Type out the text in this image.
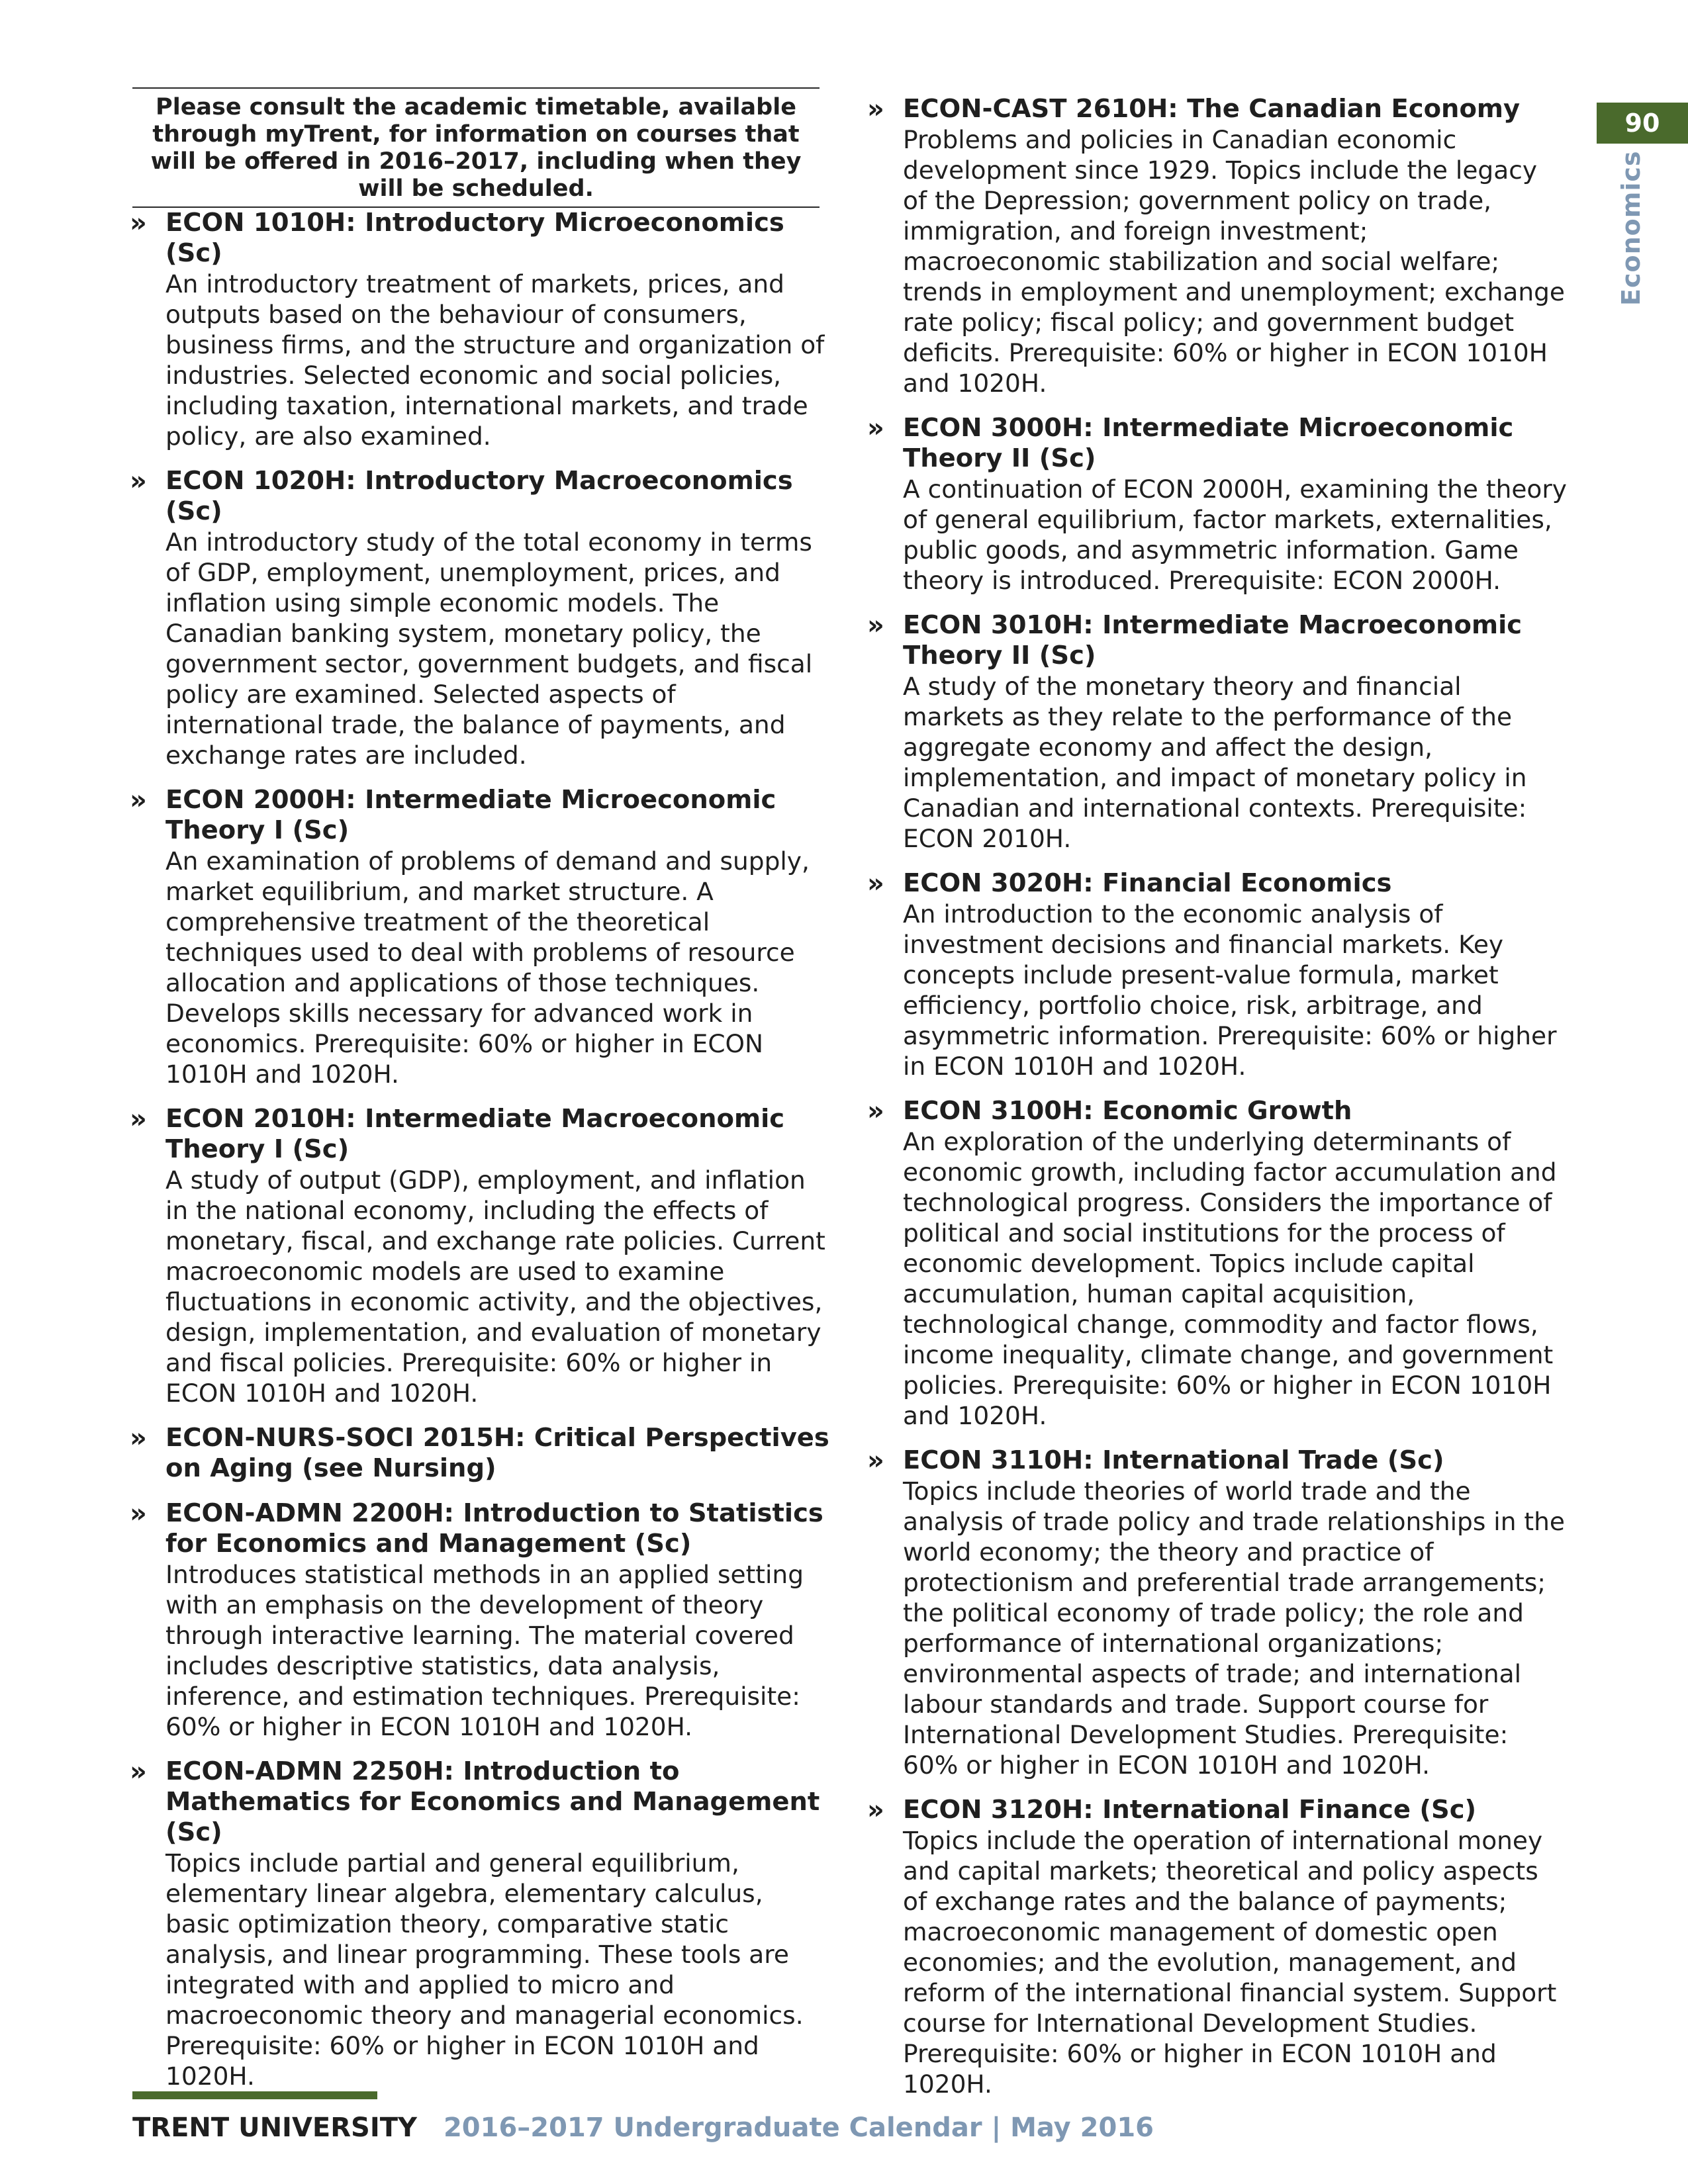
Please consult the academic timetable, available through myTrent, for information on courses that will be offered in 2016–2017, including when they will be scheduled.
» ECON 1010H: Introductory Microeconomics (Sc)
An introductory treatment of markets, prices, and outputs based on the behaviour of consumers, business firms, and the structure and organization of industries. Selected economic and social policies, including taxation, international markets, and trade policy, are also examined.
» ECON 1020H: Introductory Macroeconomics (Sc)
An introductory study of the total economy in terms of GDP, employment, unemployment, prices, and inflation using simple economic models. The Canadian banking system, monetary policy, the government sector, government budgets, and fiscal policy are examined. Selected aspects of international trade, the balance of payments, and exchange rates are included.
» ECON 2000H: Intermediate Microeconomic Theory I (Sc)
An examination of problems of demand and supply, market equilibrium, and market structure. A comprehensive treatment of the theoretical techniques used to deal with problems of resource allocation and applications of those techniques. Develops skills necessary for advanced work in economics. Prerequisite: 60% or higher in ECON 1010H and 1020H.
» ECON 2010H: Intermediate Macroeconomic Theory I (Sc)
A study of output (GDP), employment, and inflation in the national economy, including the effects of monetary, fiscal, and exchange rate policies. Current macroeconomic models are used to examine fluctuations in economic activity, and the objectives, design, implementation, and evaluation of monetary and fiscal policies. Prerequisite: 60% or higher in ECON 1010H and 1020H.
» ECON-NURS-SOCI 2015H: Critical Perspectives on Aging (see Nursing)
» ECON-ADMN 2200H: Introduction to Statistics for Economics and Management (Sc)
Introduces statistical methods in an applied setting with an emphasis on the development of theory through interactive learning. The material covered includes descriptive statistics, data analysis, inference, and estimation techniques. Prerequisite: 60% or higher in ECON 1010H and 1020H.
» ECON-ADMN 2250H: Introduction to Mathematics for Economics and Management (Sc)
Topics include partial and general equilibrium, elementary linear algebra, elementary calculus, basic optimization theory, comparative static analysis, and linear programming. These tools are integrated with and applied to micro and macroeconomic theory and managerial economics. Prerequisite: 60% or higher in ECON 1010H and 1020H.
» ECON-CAST 2610H: The Canadian Economy
Problems and policies in Canadian economic development since 1929. Topics include the legacy of the Depression; government policy on trade, immigration, and foreign investment; macroeconomic stabilization and social welfare; trends in employment and unemployment; exchange rate policy; fiscal policy; and government budget deficits. Prerequisite: 60% or higher in ECON 1010H and 1020H.
» ECON 3000H: Intermediate Microeconomic Theory II (Sc)
A continuation of ECON 2000H, examining the theory of general equilibrium, factor markets, externalities, public goods, and asymmetric information. Game theory is introduced. Prerequisite: ECON 2000H.
» ECON 3010H: Intermediate Macroeconomic Theory II (Sc)
A study of the monetary theory and financial markets as they relate to the performance of the aggregate economy and affect the design, implementation, and impact of monetary policy in Canadian and international contexts. Prerequisite: ECON 2010H.
» ECON 3020H: Financial Economics
An introduction to the economic analysis of investment decisions and financial markets. Key concepts include present-value formula, market efficiency, portfolio choice, risk, arbitrage, and asymmetric information. Prerequisite: 60% or higher in ECON 1010H and 1020H.
» ECON 3100H: Economic Growth
An exploration of the underlying determinants of economic growth, including factor accumulation and technological progress. Considers the importance of political and social institutions for the process of economic development. Topics include capital accumulation, human capital acquisition, technological change, commodity and factor flows, income inequality, climate change, and government policies. Prerequisite: 60% or higher in ECON 1010H and 1020H.
» ECON 3110H: International Trade (Sc)
Topics include theories of world trade and the analysis of trade policy and trade relationships in the world economy; the theory and practice of protectionism and preferential trade arrangements; the political economy of trade policy; the role and performance of international organizations; environmental aspects of trade; and international labour standards and trade. Support course for International Development Studies. Prerequisite: 60% or higher in ECON 1010H and 1020H.
» ECON 3120H: International Finance (Sc)
Topics include the operation of international money and capital markets; theoretical and policy aspects of exchange rates and the balance of payments; macroeconomic management of domestic open economies; and the evolution, management, and reform of the international financial system. Support course for International Development Studies. Prerequisite: 60% or higher in ECON 1010H and 1020H.
90
Economics
TRENT UNIVERSITY 2016–2017 Undergraduate Calendar | May 2016
